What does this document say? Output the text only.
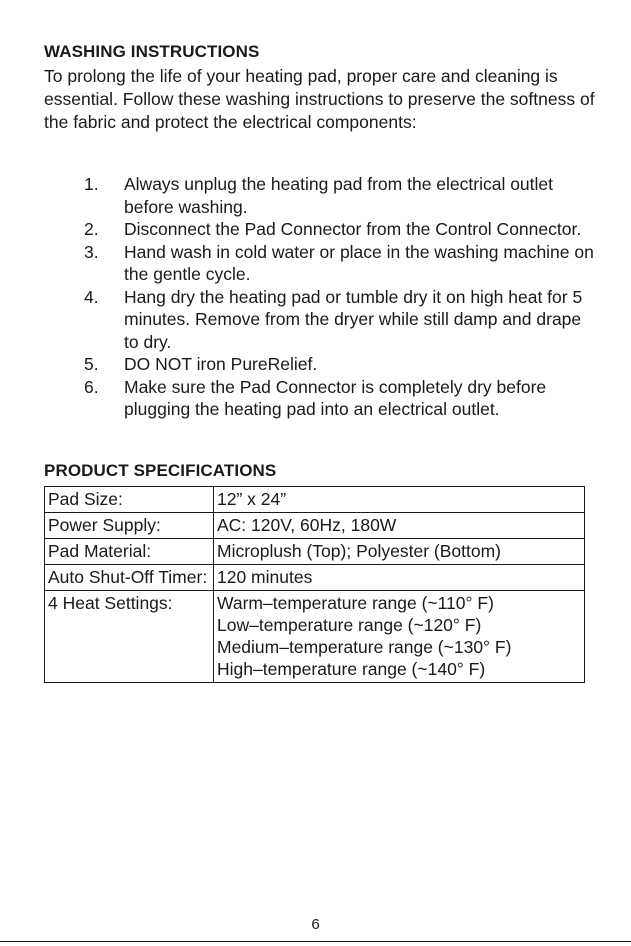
WASHING INSTRUCTIONS

To prolong the life of your heating pad, proper care and cleaning is essential. Follow these washing instructions to preserve the softness of the fabric and protect the electrical components:

1. Always unplug the heating pad from the electrical outlet before washing.
2. Disconnect the Pad Connector from the Control Connector.
3. Hand wash in cold water or place in the washing machine on the gentle cycle.
4. Hang dry the heating pad or tumble dry it on high heat for 5 minutes. Remove from the dryer while still damp and drape to dry.
5. DO NOT iron PureRelief.
6. Make sure the Pad Connector is completely dry before plugging the heating pad into an electrical outlet.
PRODUCT SPECIFICATIONS
Pad Size:	12” x 24”
Power Supply:	AC: 120V, 60Hz, 180W
Pad Material:	Microplush (Top); Polyester (Bottom)
Auto Shut-Off Timer:	120 minutes
4 Heat Settings:	Warm–temperature range (~110° F)
Low–temperature range (~120° F)
Medium–temperature range (~130° F)
High–temperature range (~140° F)
6
